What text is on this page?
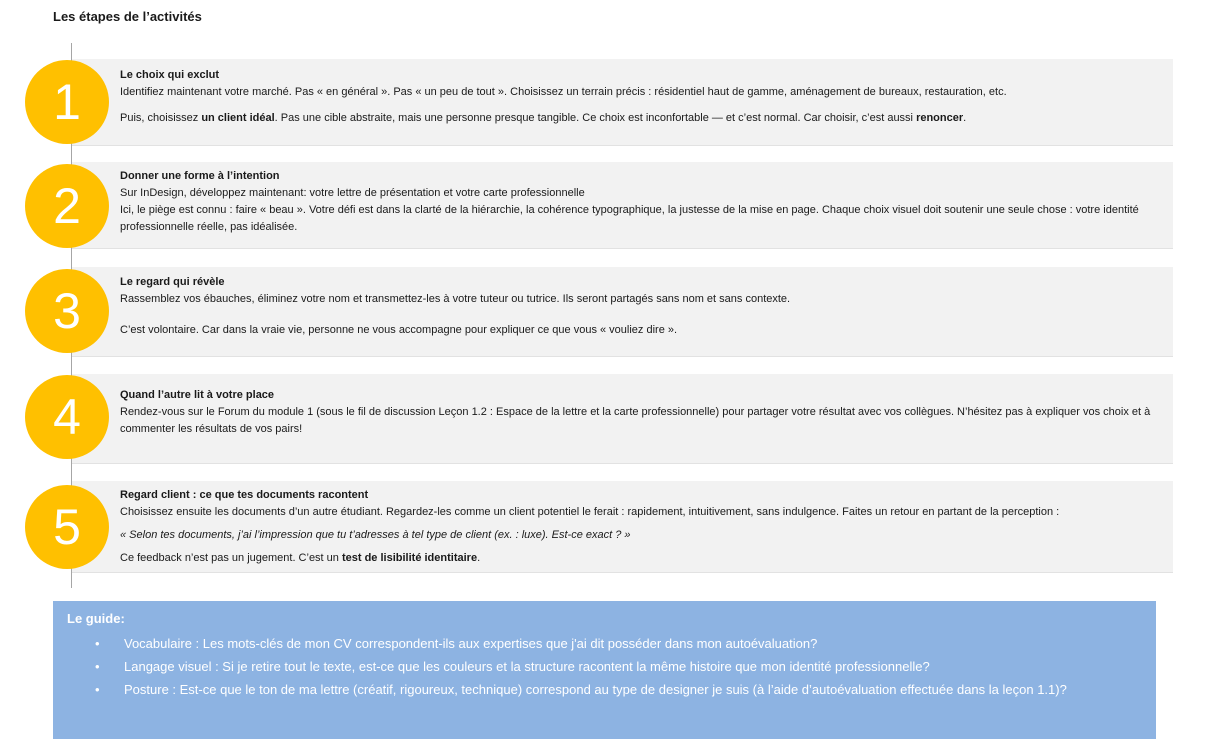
Les étapes de l’activités
1	Le choix qui exclut

Identifiez maintenant votre marché. Pas « en général ». Pas « un peu de tout ». Choisissez un terrain précis : résidentiel haut de gamme, aménagement de bureaux, restauration, etc.

Puis, choisissez un client idéal. Pas une cible abstraite, mais une personne presque tangible. Ce choix est inconfortable — et c’est normal. Car choisir, c’est aussi renoncer.

2

Donner une forme à l’intention

Sur InDesign, développez maintenant: votre lettre de présentation et votre carte professionnelle

Ici, le piège est connu : faire « beau ». Votre défi est dans la clarté de la hiérarchie, la cohérence typographique, la justesse de la mise en page. Chaque choix visuel doit soutenir une seule chose : votre identité professionnelle réelle, pas idéalisée.

3

Le regard qui révèle

Rassemblez vos ébauches, éliminez votre nom et transmettez-les à votre tuteur ou tutrice. Ils seront partagés sans nom et sans contexte.

C’est volontaire. Car dans la vraie vie, personne ne vous accompagne pour expliquer ce que vous « vouliez dire ».

4	Quand l’autre lit à votre place

Rendez-vous sur le Forum du module 1 (sous le fil de discussion Leçon 1.2 : Espace de la lettre et la carte professionnelle) pour partager votre résultat avec vos collègues. N’hésitez pas à expliquer vos choix et à commenter les résultats de vos pairs!

5

Regard client : ce que tes documents racontent

Choisissez ensuite les documents d’un autre étudiant. Regardez-les comme un client potentiel le ferait : rapidement, intuitivement, sans indulgence. Faites un retour en partant de la perception :

« Selon tes documents, j’ai l’impression que tu t’adresses à tel type de client (ex. : luxe). Est-ce exact ? »

Ce feedback n’est pas un jugement. C’est un test de lisibilité identitaire.

Le guide:
• Vocabulaire : Les mots-clés de mon CV correspondent-ils aux expertises que j'ai dit posséder dans mon autoévaluation?
• Langage visuel : Si je retire tout le texte, est-ce que les couleurs et la structure racontent la même histoire que mon identité professionnelle?
• Posture : Est-ce que le ton de ma lettre (créatif, rigoureux, technique) correspond au type de designer je suis (à l’aide d’autoévaluation effectuée dans la leçon 1.1)?
